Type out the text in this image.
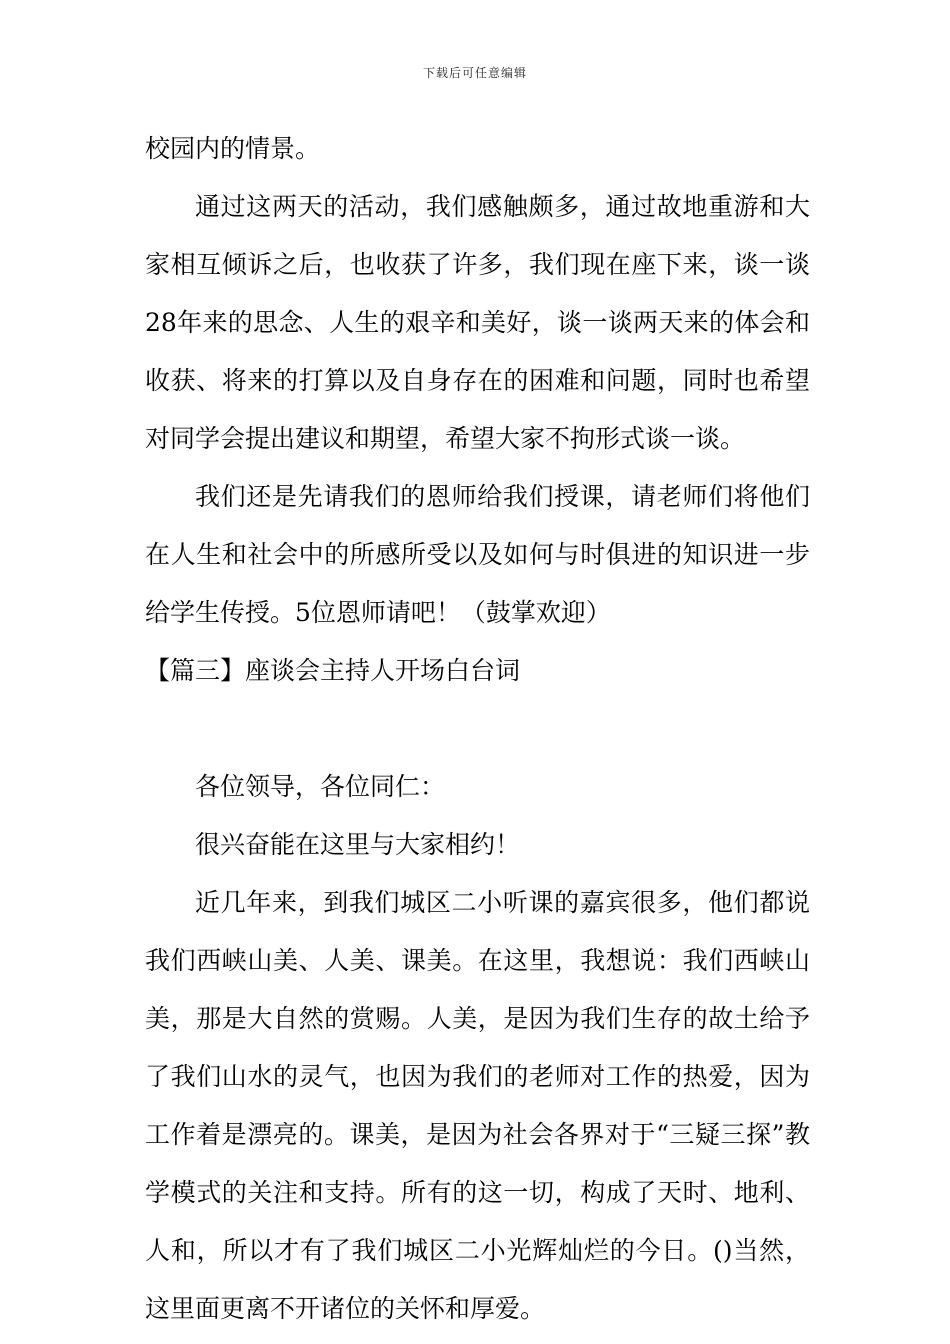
下载后可任意编辑

校园内的情景。

通过这两天的活动，我们感触颇多，通过故地重游和大家相互倾诉之后，也收获了许多，我们现在座下来，谈一谈28年来的思念、人生的艰辛和美好，谈一谈两天来的体会和收获、将来的打算以及自身存在的困难和问题，同时也希望对同学会提出建议和期望，希望大家不拘形式谈一谈。

我们还是先请我们的恩师给我们授课，请老师们将他们在人生和社会中的所感所受以及如何与时俱进的知识进一步给学生传授。5位恩师请吧！（鼓掌欢迎）

【篇三】座谈会主持人开场白台词

各位领导，各位同仁：

很兴奋能在这里与大家相约！

近几年来，到我们城区二小听课的嘉宾很多，他们都说我们西峡山美、人美、课美。在这里，我想说：我们西峡山美，那是大自然的赏赐。人美，是因为我们生存的故土给予了我们山水的灵气，也因为我们的老师对工作的热爱，因为工作着是漂亮的。课美，是因为社会各界对于“三疑三探”教学模式的关注和支持。所有的这一切，构成了天时、地利、人和，所以才有了我们城区二小光辉灿烂的今日。()当然，这里面更离不开诸位的关怀和厚爱。
